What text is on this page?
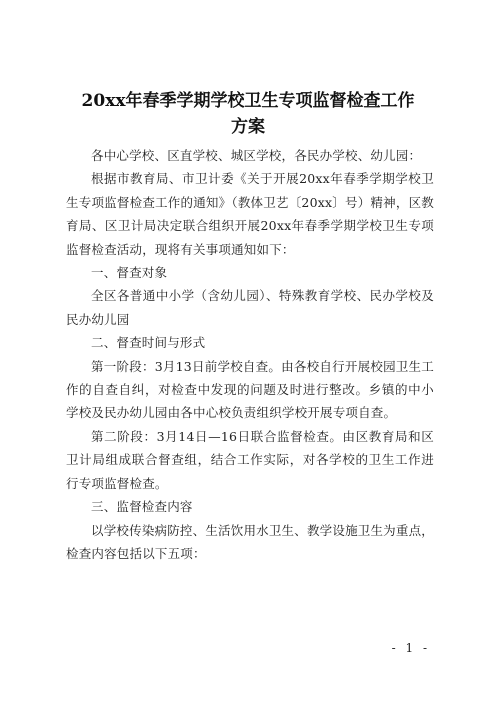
20xx年春季学期学校卫生专项监督检查工作
方案

各中心学校、区直学校、城区学校，各民办学校、幼儿园：

根据市教育局、市卫计委《关于开展20xx年春季学期学校卫生专项监督检查工作的通知》（教体卫艺〔20xx〕号）精神，区教育局、区卫计局决定联合组织开展20xx年春季学期学校卫生专项监督检查活动，现将有关事项通知如下：

一、督查对象

全区各普通中小学（含幼儿园）、特殊教育学校、民办学校及民办幼儿园

二、督查时间与形式

第一阶段：3月13日前学校自查。由各校自行开展校园卫生工作的自查自纠，对检查中发现的问题及时进行整改。乡镇的中小学校及民办幼儿园由各中心校负责组织学校开展专项自查。

第二阶段：3月14日—16日联合监督检查。由区教育局和区卫计局组成联合督查组，结合工作实际，对各学校的卫生工作进行专项监督检查。

三、监督检查内容

以学校传染病防控、生活饮用水卫生、教学设施卫生为重点，检查内容包括以下五项：

- 1 -
